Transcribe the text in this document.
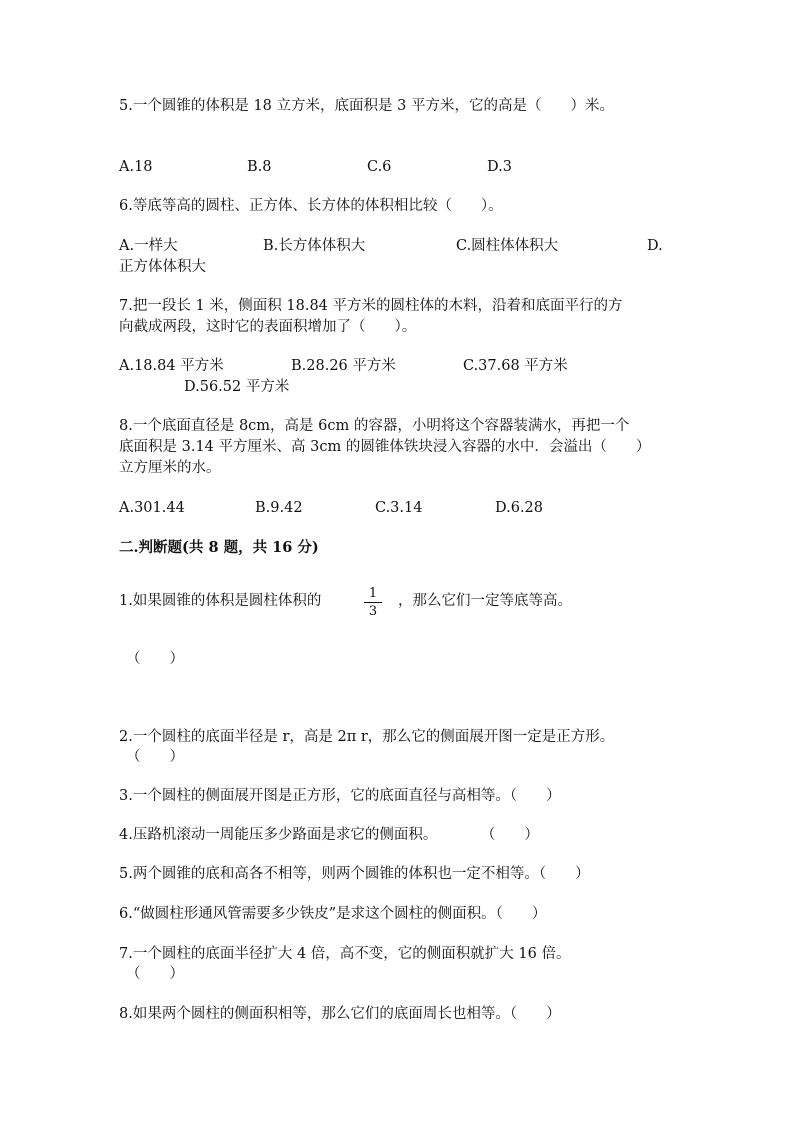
5.一个圆锥的体积是 18 立方米，底面积是 3 平方米，它的高是（　　）米。
A.18	B.8	C.6	D.3
6.等底等高的圆柱、正方体、长方体的体积相比较（　　）。
A.一样大	B.长方体体积大	C.圆柱体体积大	D.
正方体体积大
7.把一段长 1 米，侧面积 18.84 平方米的圆柱体的木料，沿着和底面平行的方
向截成两段，这时它的表面积增加了（　　）。
A.18.84 平方米	B.28.26 平方米	C.37.68 平方米
D.56.52 平方米
8.一个底面直径是 8cm，高是 6cm 的容器，小明将这个容器装满水，再把一个
底面积是 3.14 平方厘米、高 3cm 的圆锥体铁块浸入容器的水中．会溢出（　　）
立方厘米的水。
A.301.44	B.9.42	C.3.14	D.6.28
二.判断题(共 8 题，共 16 分)
1.如果圆锥的体积是圆柱体积的	1
3
，那么它们一定等底等高。
（　　）
2.一个圆柱的底面半径是 r，高是 2π r，那么它的侧面展开图一定是正方形。
（　　）
3.一个圆柱的侧面展开图是正方形，它的底面直径与高相等。（　　）
4.压路机滚动一周能压多少路面是求它的侧面积。　　　　（　　）
5.两个圆锥的底和高各不相等，则两个圆锥的体积也一定不相等。（　　）
6.“做圆柱形通风管需要多少铁皮”是求这个圆柱的侧面积。（　　）
7.一个圆柱的底面半径扩大 4 倍，高不变，它的侧面积就扩大 16 倍。
（　　）
8.如果两个圆柱的侧面积相等，那么它们的底面周长也相等。（　　）
